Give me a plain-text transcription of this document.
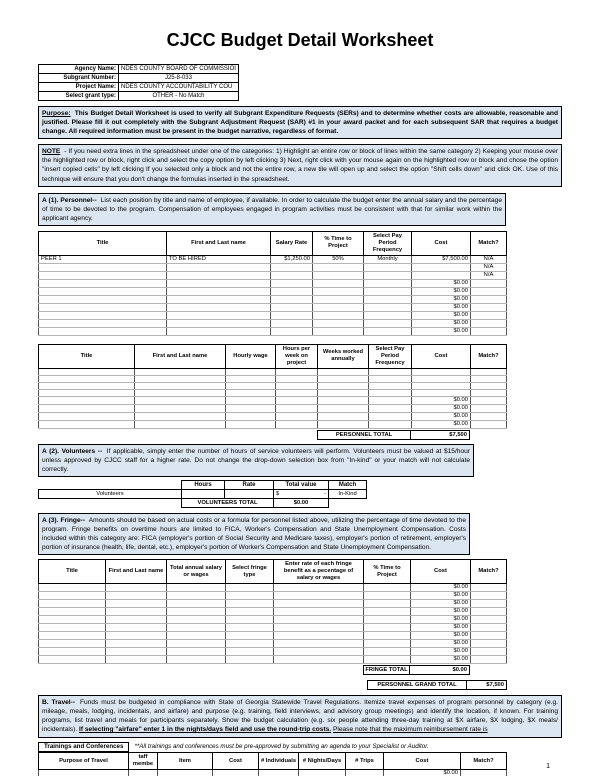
CJCC Budget Detail Worksheet
Agency Name:	NDES COUNTY BOARD OF COMMISSIOI
Subgrant Number:	J25-8-033
Project Name:	NDES COUNTY ACCOUNTABILITY COU
Select grant type:	OTHER - No Match
Purpose: This Budget Detail Worksheet is used to verify all Subgrant Expenditure Requests (SERs) and to determine whether costs are allowable, reasonable and justified. Please fill it out completely with the Subgrant Adjustment Request (SAR) #1 in your award packet and for each subsequent SAR that requires a budget change. All required information must be present in the budget narrative, regardless of format.
NOTE - If you need extra lines in the spreadsheet under one of the categories: 1) Highlight an entire row or block of lines within the same category 2) Keeping your mouse over the highlighted row or block, right click and select the copy option by left clicking 3) Next, right click with your mouse again on the highlighted row or block and chose the option "insert copied cells" by left clicking If you selected only a block and not the entire row, a new tile will open up and select the option "Shift cells down" and click OK. Use of this technique will ensure that you don't change the formulas inserted in the spreadsheet.
A (1). Personnel-- List each position by title and name of employee, if available. In order to calculate the budget enter the annual salary and the percentage of time to be devoted to the program. Compensation of employees engaged in program activities must be consistent with that for similar work within the applicant agency.
Title	First and Last name	Salary Rate	% Time to Project	Select Pay Period Frequency	Cost	Match?
PEER 1	TO BE HIRED	$1,250.00	50%	Monthly	$7,500.00	N/A
						N/A
						N/A
					$0.00	
					$0.00	
					$0.00	
					$0.00	
					$0.00	
					$0.00	
					$0.00	
Title	First and Last name	Hourly wage	Hours per week on project	Weeks worked annually	Select Pay Period Frequency	Cost	Match?

						$0.00	
						$0.00	
						$0.00	
						$0.00	
PERSONNEL TOTAL	$7,500
A (2). Volunteers -- If applicable, simply enter the number of hours of service volunteers will perform. Volunteers must be valued at $15/hour unless approved by CJCC staff for a higher rate. Do not change the drop-down selection box from "In-kind" or your match will not calculate correctly.
	Hours	Rate	Total value	Match
Volunteers			$ -	In-Kind
	VOLUNTEERS TOTAL		$0.00	
A (3). Fringe-- Amounts should be based on actual costs or a formula for personnel listed above, utilizing the percentage of time devoted to the program. Fringe benefits on overtime hours are limited to FICA, Worker's Compensation and State Unemployment Compensation. Costs included within this category are: FICA (employer's portion of Social Security and Medicare taxes), employer's portion of retirement, employer's portion of insurance (health, life, dental, etc.), employer's portion of Worker's Compensation and State Unemployment Compensation.
Title	First and Last name	Total annual salary or wages	Select fringe type	Enter rate of each fringe benefit as a pecentage of salary or wages	% Time to Project	Cost	Match?
						$0.00	
						$0.00	
						$0.00	
						$0.00	
						$0.00	
						$0.00	
						$0.00	
						$0.00	
						$0.00	
						$0.00	
FRINGE TOTAL	$0.00
PERSONNEL GRAND TOTAL	$7,500
B. Travel-- Funds must be budgeted in compliance with State of Georgia Statewide Travel Regulations. Itemize travel expenses of program personnel by category (e.g. mileage, meals, lodging, incidentals, and airfare) and purpose (e.g. training, field interviews, and advisory group meetings) and identify the location, if known. For training programs, list travel and meals for participants separately. Show the budget calculation (e.g. six people attending three-day training at $X airfare, $X lodging, $X meals/ incidentals). If selecting "airfare" enter 1 in the nights/days field and use the round-trip costs. Please note that the maximum reimbursement rate is
Trainings and Conferences	**All trainings and conferences must be pre-approved by submitting an agenda to your Specialist or Auditor.
Purpose of Travel	taff membe	Item	Cost	# Individuals	# Nights/Days	# Trips	Cost	Match?
							$0.00	
1
